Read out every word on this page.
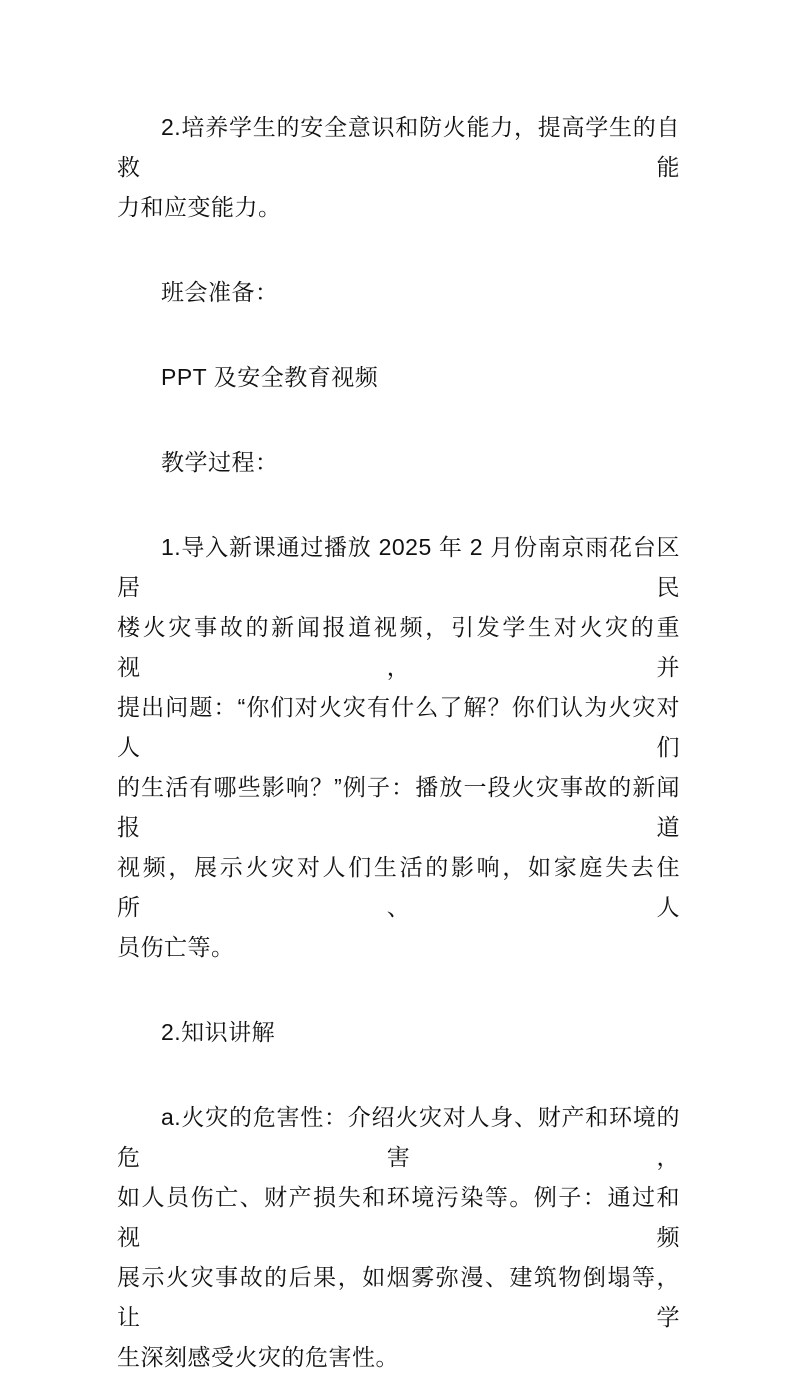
2.培养学生的安全意识和防火能力，提高学生的自救能
力和应变能力。

班会准备：

PPT 及安全教育视频

教学过程：

1.导入新课通过播放 2025 年 2 月份南京雨花台区居民
楼火灾事故的新闻报道视频，引发学生对火灾的重视，并
提出问题：“你们对火灾有什么了解？你们认为火灾对人们
的生活有哪些影响？”例子：播放一段火灾事故的新闻报道
视频，展示火灾对人们生活的影响，如家庭失去住所、人
员伤亡等。

2.知识讲解

a.火灾的危害性：介绍火灾对人身、财产和环境的危害，
如人员伤亡、财产损失和环境污染等。例子：通过和视频
展示火灾事故的后果，如烟雾弥漫、建筑物倒塌等，让学
生深刻感受火灾的危害性。
